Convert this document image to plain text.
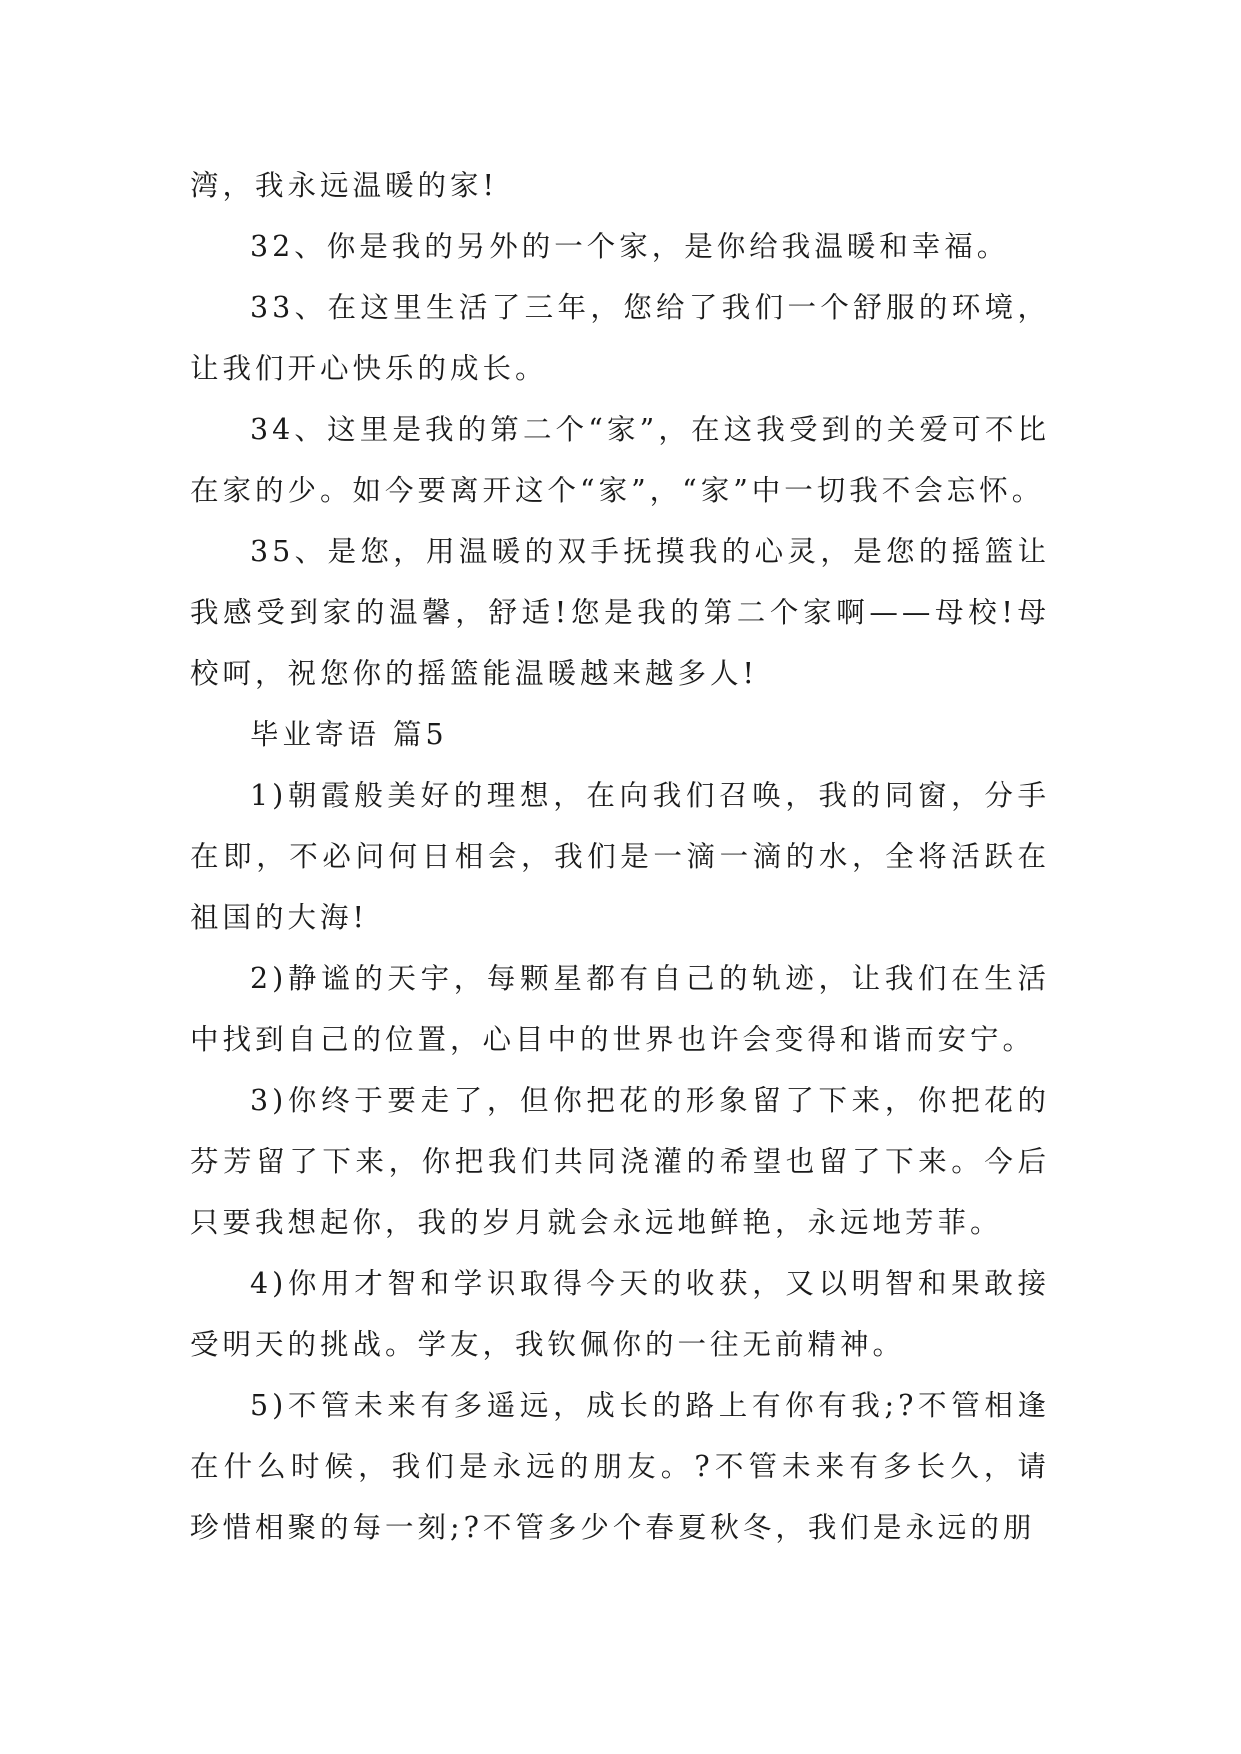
湾，我永远温暖的家!

32、你是我的另外的一个家，是你给我温暖和幸福。

33、在这里生活了三年，您给了我们一个舒服的环境，让我们开心快乐的成长。

34、这里是我的第二个“家”，在这我受到的关爱可不比在家的少。如今要离开这个“家”，“家”中一切我不会忘怀。

35、是您，用温暖的双手抚摸我的心灵，是您的摇篮让我感受到家的温馨，舒适!您是我的第二个家啊——母校!母校呵，祝您你的摇篮能温暖越来越多人!

毕业寄语 篇5

1)朝霞般美好的理想，在向我们召唤，我的同窗，分手在即，不必问何日相会，我们是一滴一滴的水，全将活跃在祖国的大海!

2)静谧的天宇，每颗星都有自己的轨迹，让我们在生活中找到自己的位置，心目中的世界也许会变得和谐而安宁。

3)你终于要走了，但你把花的形象留了下来，你把花的芬芳留了下来，你把我们共同浇灌的希望也留了下来。今后只要我想起你，我的岁月就会永远地鲜艳，永远地芳菲。

4)你用才智和学识取得今天的收获，又以明智和果敢接受明天的挑战。学友，我钦佩你的一往无前精神。

5)不管未来有多遥远，成长的路上有你有我;?不管相逢在什么时候，我们是永远的朋友。?不管未来有多长久，请珍惜相聚的每一刻;?不管多少个春夏秋冬，我们是永远的朋
